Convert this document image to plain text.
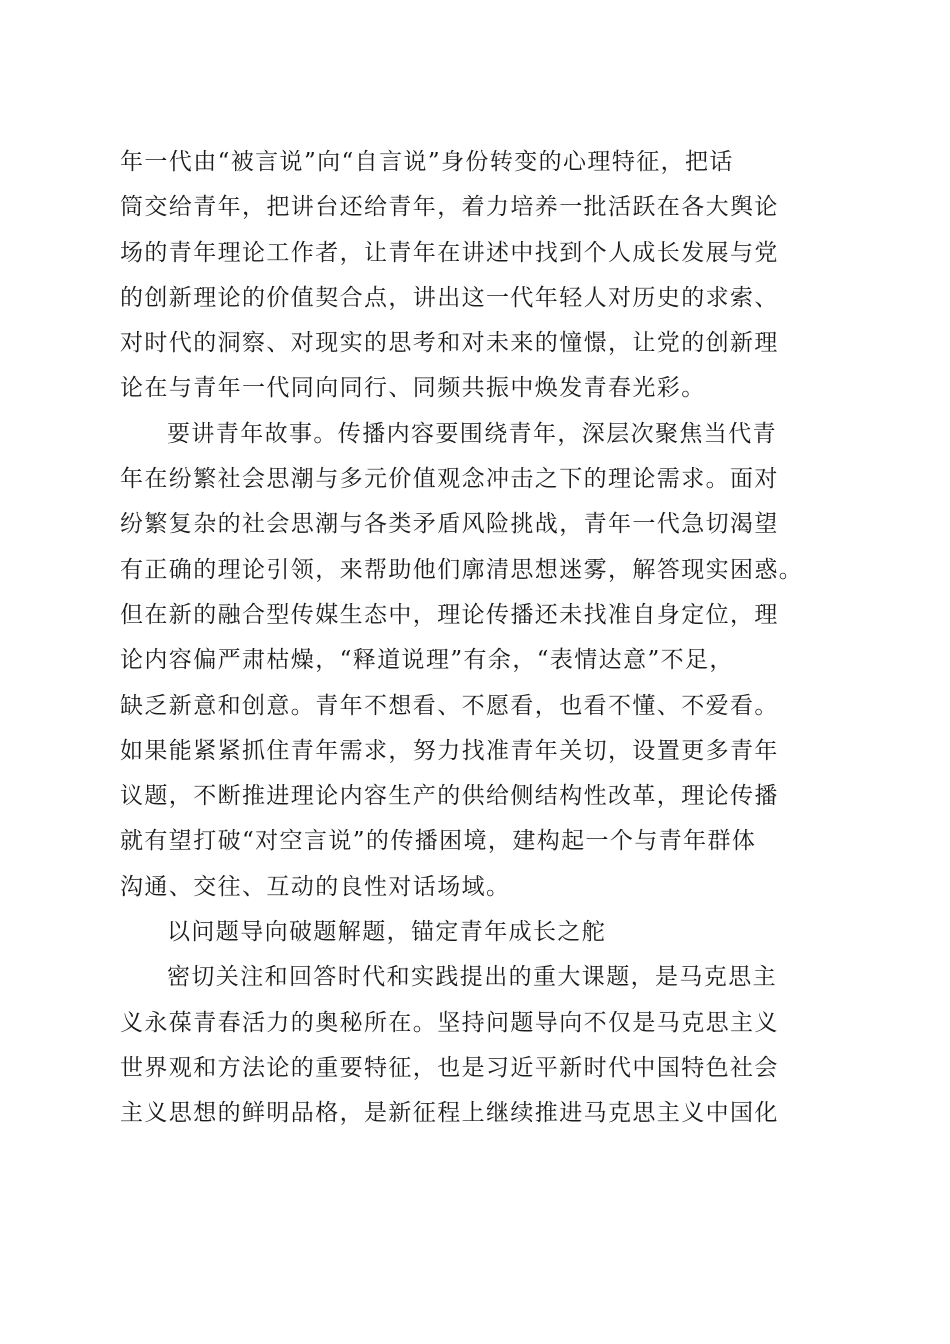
年一代由“被言说”向“自言说”身份转变的心理特征，把话
筒交给青年，把讲台还给青年，着力培养一批活跃在各大舆论
场的青年理论工作者，让青年在讲述中找到个人成长发展与党
的创新理论的价值契合点，讲出这一代年轻人对历史的求索、
对时代的洞察、对现实的思考和对未来的憧憬，让党的创新理
论在与青年一代同向同行、同频共振中焕发青春光彩。
要讲青年故事。传播内容要围绕青年，深层次聚焦当代青
年在纷繁社会思潮与多元价值观念冲击之下的理论需求。面对
纷繁复杂的社会思潮与各类矛盾风险挑战，青年一代急切渴望
有正确的理论引领，来帮助他们廓清思想迷雾，解答现实困惑。
但在新的融合型传媒生态中，理论传播还未找准自身定位，理
论内容偏严肃枯燥，“释道说理”有余，“表情达意”不足，
缺乏新意和创意。青年不想看、不愿看，也看不懂、不爱看。
如果能紧紧抓住青年需求，努力找准青年关切，设置更多青年
议题，不断推进理论内容生产的供给侧结构性改革，理论传播
就有望打破“对空言说”的传播困境，建构起一个与青年群体
沟通、交往、互动的良性对话场域。
以问题导向破题解题，锚定青年成长之舵
密切关注和回答时代和实践提出的重大课题，是马克思主
义永葆青春活力的奥秘所在。坚持问题导向不仅是马克思主义
世界观和方法论的重要特征，也是习近平新时代中国特色社会
主义思想的鲜明品格，是新征程上继续推进马克思主义中国化
